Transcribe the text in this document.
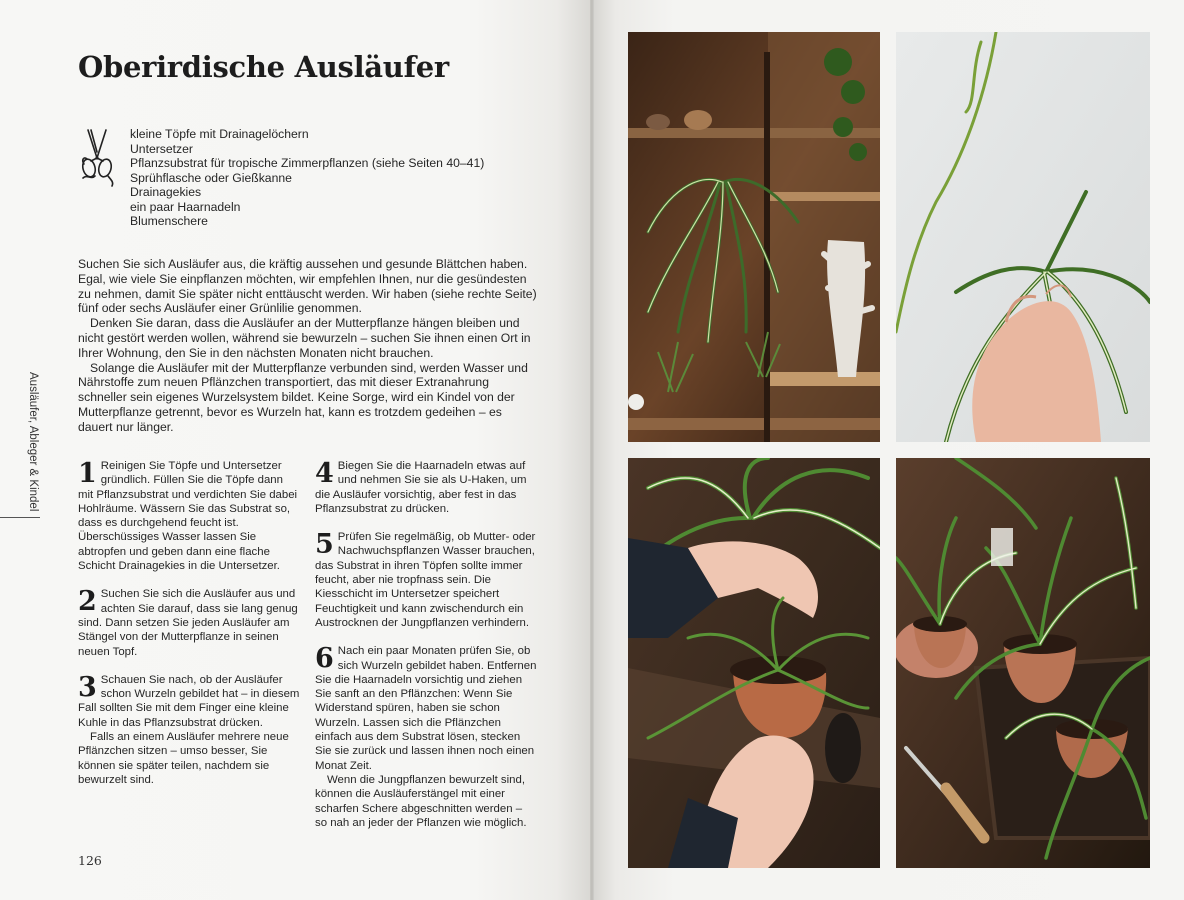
Oberirdische Ausläufer
kleine Töpfe mit Drainagelöchern
Untersetzer
Pflanzsubstrat für tropische Zimmerpflanzen (siehe Seiten 40–41)
Sprühflasche oder Gießkanne
Drainagekies
ein paar Haarnadeln
Blumenschere

Suchen Sie sich Ausläufer aus, die kräftig aussehen und gesunde Blättchen haben. Egal, wie viele Sie einpflanzen möchten, wir empfehlen Ihnen, nur die gesündesten zu nehmen, damit Sie später nicht enttäuscht werden. Wir haben (siehe rechte Seite) fünf oder sechs Ausläufer einer Grünlilie genommen.

Denken Sie daran, dass die Ausläufer an der Mutterpflanze hängen bleiben und nicht gestört werden wollen, während sie bewurzeln – suchen Sie ihnen einen Ort in Ihrer Wohnung, den Sie in den nächsten Monaten nicht brauchen.

Solange die Ausläufer mit der Mutterpflanze verbunden sind, werden Wasser und Nährstoffe zum neuen Pflänzchen transportiert, das mit dieser Extranahrung schneller sein eigenes Wurzelsystem bildet. Keine Sorge, wird ein Kindel von der Mutterpflanze getrennt, bevor es Wurzeln hat, kann es trotzdem gedeihen – es dauert nur länger.

Ausläufer, Ableger & Kindel 1 Reinigen Sie Töpfe und Untersetzer gründlich. Füllen Sie die Töpfe dann mit Pflanzsubstrat und verdichten Sie dabei Hohlräume. Wässern Sie das Substrat so, dass es durchgehend feucht ist. Überschüssiges Wasser lassen Sie abtropfen und geben dann eine flache Schicht Drainagekies in die Untersetzer.

2 Suchen Sie sich die Ausläufer aus und achten Sie darauf, dass sie lang genug sind. Dann setzen Sie jeden Ausläufer am Stängel von der Mutterpflanze in seinen neuen Topf.

3 Schauen Sie nach, ob der Ausläufer schon Wurzeln gebildet hat – in diesem Fall sollten Sie mit dem Finger eine kleine Kuhle in das Pflanzsubstrat drücken.

Falls an einem Ausläufer mehrere neue Pflänzchen sitzen – umso besser, Sie können sie später teilen, nachdem sie bewurzelt sind.

4 Biegen Sie die Haarnadeln etwas auf und nehmen Sie sie als U-Haken, um die Ausläufer vorsichtig, aber fest in das Pflanzsubstrat zu drücken.

5 Prüfen Sie regelmäßig, ob Mutter- oder Nachwuchspflanzen Wasser brauchen, das Substrat in ihren Töpfen sollte immer feucht, aber nie tropfnass sein. Die Kiesschicht im Untersetzer speichert Feuchtigkeit und kann zwischendurch ein Austrocknen der Jungpflanzen verhindern.

6 Nach ein paar Monaten prüfen Sie, ob sich Wurzeln gebildet haben. Entfernen Sie die Haarnadeln vorsichtig und ziehen Sie sanft an den Pflänzchen: Wenn Sie Widerstand spüren, haben sie schon Wurzeln. Lassen sich die Pflänzchen einfach aus dem Substrat lösen, stecken Sie sie zurück und lassen ihnen noch einen Monat Zeit.

Wenn die Jungpflanzen bewurzelt sind, können die Ausläuferstängel mit einer scharfen Schere abgeschnitten werden – so nah an jeder der Pflanzen wie möglich.

126
